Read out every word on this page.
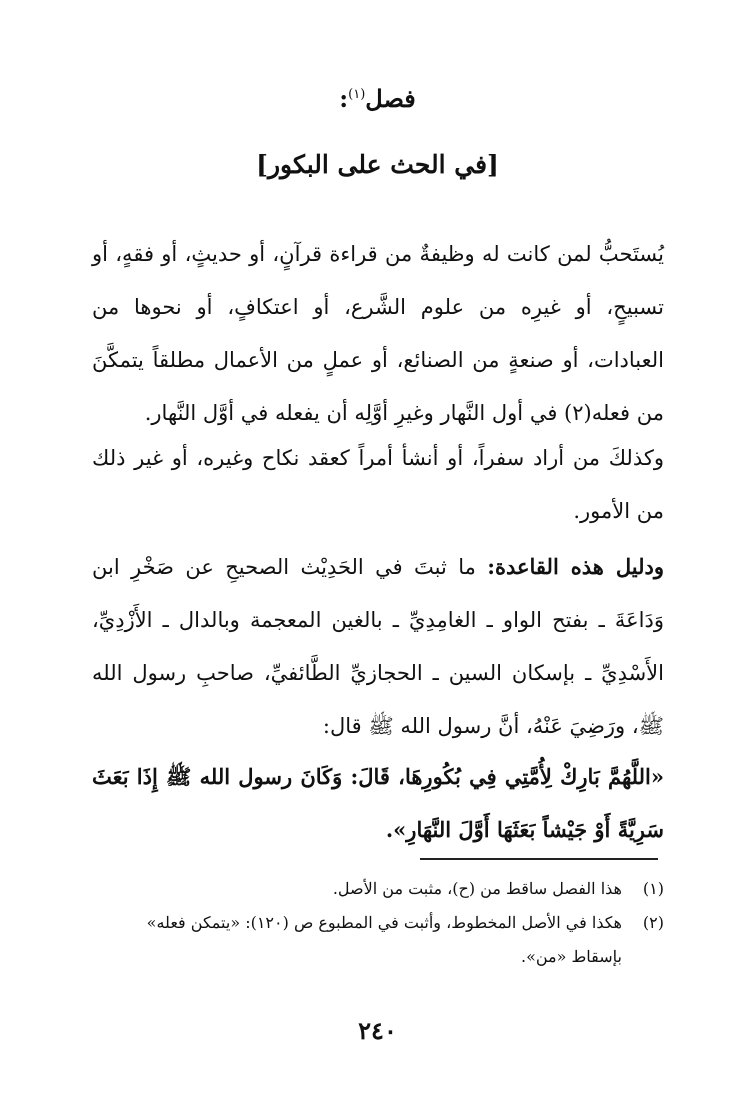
فصل$^{(١)}$:
[في الحث على البكور]

يُستَحبُّ لمن كانت له وظيفةٌ من قراءة قرآنٍ، أو حديثٍ، أو فقهٍ، أو تسبيحٍ، أو غيرِه من علوم الشَّرع، أو اعتكافٍ، أو نحوها من العبادات، أو صنعةٍ من الصنائع، أو عملٍ من الأعمال مطلقاً يتمكَّنَ من فعله(٢) في أول النَّهار وغيرِ أوَّلِه أن يفعله في أوَّل النَّهار.

وكذلكَ من أراد سفراً، أو أنشأ أمراً كعقد نكاح وغيره، أو غير ذلك من الأمور.

ودليل هذه القاعدة: ما ثبتَ في الحَدِيْث الصحيحِ عن صَخْرِ ابن وَدَاعَةَ ـ بفتح الواو ـ الغامِدِيِّ ـ بالغين المعجمة وبالدال ـ الأَزْدِيِّ، الأَسْدِيِّ ـ بإسكان السين ـ الحجازيِّ الطَّائفيِّ، صاحبِ رسول الله ﷺ، ورَضِيَ عَنْهُ، أنَّ رسول الله ﷺ قال:

«اللَّهُمَّ بَارِكْ لِأُمَّتِي فِي بُكُورِهَا، قَالَ: وَكَانَ رسول الله ﷺ إِذَا بَعَثَ سَرِيَّةً أَوْ جَيْشاً بَعَثَهَا أَوَّلَ النَّهَارِ».

(١)
هذا الفصل ساقط من (ح)، مثبت من الأصل.
(٢)
هكذا في الأصل المخطوط، وأثبت في المطبوع ص (١٢٠): «يتمكن فعله» بإسقاط «من».
٢٤٠
